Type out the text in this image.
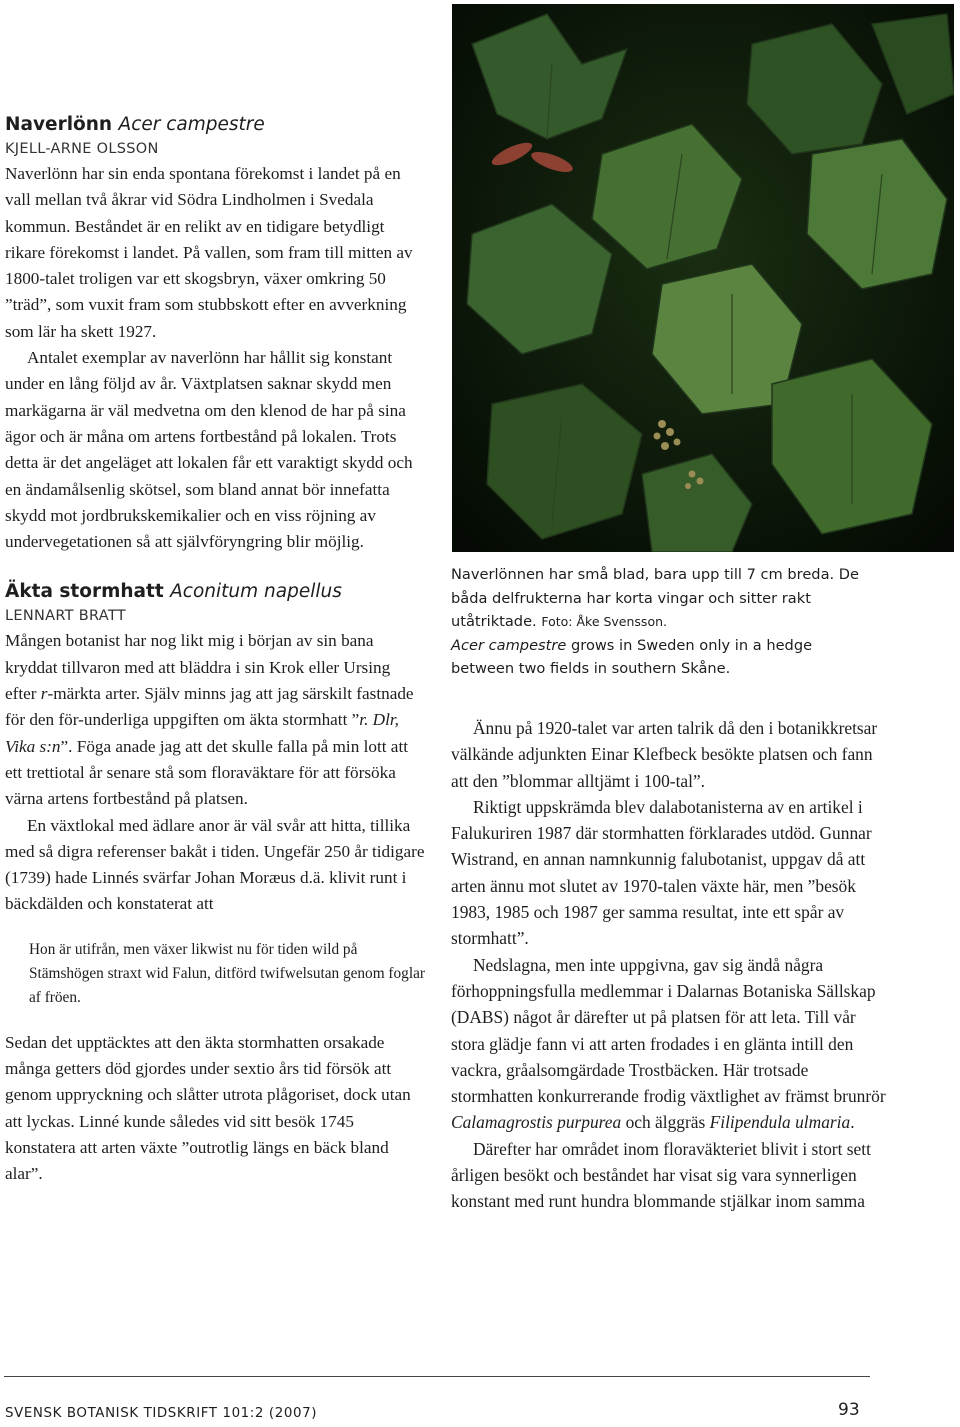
Naverlönn Acer campestre
KJELL-ARNE OLSSON

Naverlönn har sin enda spontana förekomst i landet på en vall mellan två åkrar vid Södra Lindholmen i Svedala kommun. Beståndet är en relikt av en tidigare betydligt rikare förekomst i landet. På vallen, som fram till mitten av 1800-talet troligen var ett skogsbryn, växer omkring 50 ”träd”, som vuxit fram som stubbskott efter en avverkning som lär ha skett 1927.

Antalet exemplar av naverlönn har hållit sig konstant under en lång följd av år. Växtplatsen saknar skydd men markägarna är väl medvetna om den klenod de har på sina ägor och är måna om artens fortbestånd på lokalen. Trots detta är det angeläget att lokalen får ett varaktigt skydd och en ändamålsenlig skötsel, som bland annat bör innefatta skydd mot jordbrukskemikalier och en viss röjning av undervegetationen så att självföryngring blir möjlig.

Äkta stormhatt Aconitum napellus
LENNART BRATT

Mången botanist har nog likt mig i början av sin bana kryddat tillvaron med att bläddra i sin Krok eller Ursing efter r-märkta arter. Själv minns jag att jag särskilt fastnade för den för-underliga uppgiften om äkta stormhatt ”r. Dlr, Vika s:n”. Föga anade jag att det skulle falla på min lott att ett trettiotal år senare stå som floraväktare för att försöka värna artens fortbestånd på platsen.

En växtlokal med ädlare anor är väl svår att hitta, tillika med så digra referenser bakåt i tiden. Ungefär 250 år tidigare (1739) hade Linnés svärfar Johan Moræus d.ä. klivit runt i bäckdälden och konstaterat att

Hon är utifrån, men växer likwist nu för tiden wild på Stämshögen straxt wid Falun, ditförd twifwelsutan genom foglar af fröen.

Sedan det upptäcktes att den äkta stormhatten orsakade många getters död gjordes under sextio års tid försök att genom uppryckning och slåtter utrota plågoriset, dock utan att lyckas. Linné kunde således vid sitt besök 1745 konstatera att arten växte ”outrotlig längs en bäck bland alar”.

Naverlönnen har små blad, bara upp till 7 cm breda. De båda delfrukterna har korta vingar och sitter rakt utåtriktade. Foto: Åke Svensson.
Acer campestre grows in Sweden only in a hedge between two fields in southern Skåne.

Ännu på 1920-talet var arten talrik då den i botanikkretsar välkände adjunkten Einar Klefbeck besökte platsen och fann att den ”blommar alltjämt i 100-tal”.

Riktigt uppskrämda blev dalabotanisterna av en artikel i Falukuriren 1987 där stormhatten förklarades utdöd. Gunnar Wistrand, en annan namnkunnig falubotanist, uppgav då att arten ännu mot slutet av 1970-talen växte här, men ”besök 1983, 1985 och 1987 ger samma resultat, inte ett spår av stormhatt”.

Nedslagna, men inte uppgivna, gav sig ändå några förhoppningsfulla medlemmar i Dalarnas Botaniska Sällskap (DABS) något år därefter ut på platsen för att leta. Till vår stora glädje fann vi att arten frodades i en glänta intill den vackra, gråalsomgärdade Trostbäcken. Här trotsade stormhatten konkurrerande frodig växtlighet av främst brunrör Calamagrostis purpurea och älggräs Filipendula ulmaria.

Därefter har området inom floraväkteriet blivit i stort sett årligen besökt och beståndet har visat sig vara synnerligen konstant med runt hundra blommande stjälkar inom samma

SVENSK BOTANISK TIDSKRIFT 101:2 (2007)	93
